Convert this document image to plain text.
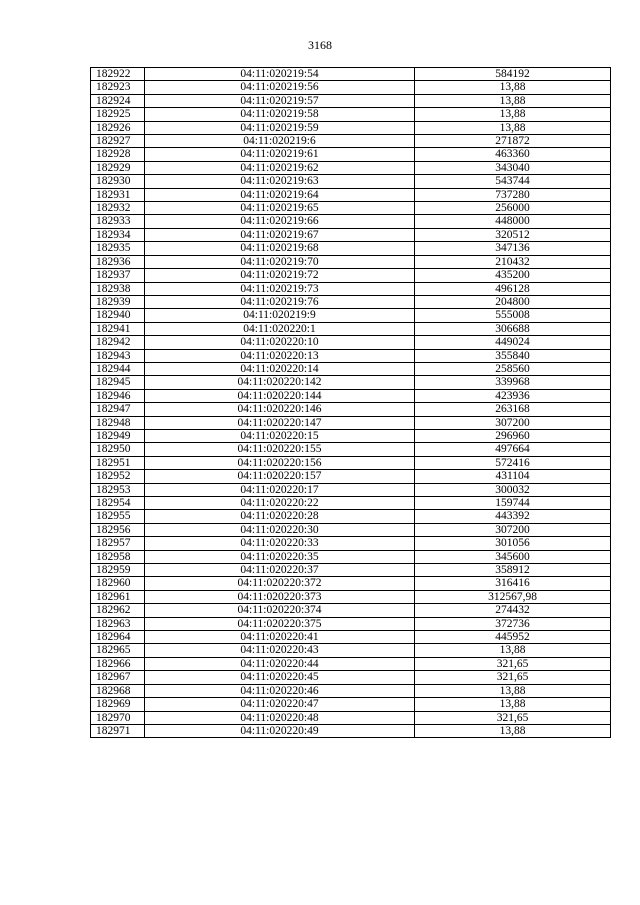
3168
182922	04:11:020219:54	584192
182923	04:11:020219:56	13,88
182924	04:11:020219:57	13,88
182925	04:11:020219:58	13,88
182926	04:11:020219:59	13,88
182927	04:11:020219:6	271872
182928	04:11:020219:61	463360
182929	04:11:020219:62	343040
182930	04:11:020219:63	543744
182931	04:11:020219:64	737280
182932	04:11:020219:65	256000
182933	04:11:020219:66	448000
182934	04:11:020219:67	320512
182935	04:11:020219:68	347136
182936	04:11:020219:70	210432
182937	04:11:020219:72	435200
182938	04:11:020219:73	496128
182939	04:11:020219:76	204800
182940	04:11:020219:9	555008
182941	04:11:020220:1	306688
182942	04:11:020220:10	449024
182943	04:11:020220:13	355840
182944	04:11:020220:14	258560
182945	04:11:020220:142	339968
182946	04:11:020220:144	423936
182947	04:11:020220:146	263168
182948	04:11:020220:147	307200
182949	04:11:020220:15	296960
182950	04:11:020220:155	497664
182951	04:11:020220:156	572416
182952	04:11:020220:157	431104
182953	04:11:020220:17	300032
182954	04:11:020220:22	159744
182955	04:11:020220:28	443392
182956	04:11:020220:30	307200
182957	04:11:020220:33	301056
182958	04:11:020220:35	345600
182959	04:11:020220:37	358912
182960	04:11:020220:372	316416
182961	04:11:020220:373	312567,98
182962	04:11:020220:374	274432
182963	04:11:020220:375	372736
182964	04:11:020220:41	445952
182965	04:11:020220:43	13,88
182966	04:11:020220:44	321,65
182967	04:11:020220:45	321,65
182968	04:11:020220:46	13,88
182969	04:11:020220:47	13,88
182970	04:11:020220:48	321,65
182971	04:11:020220:49	13,88
